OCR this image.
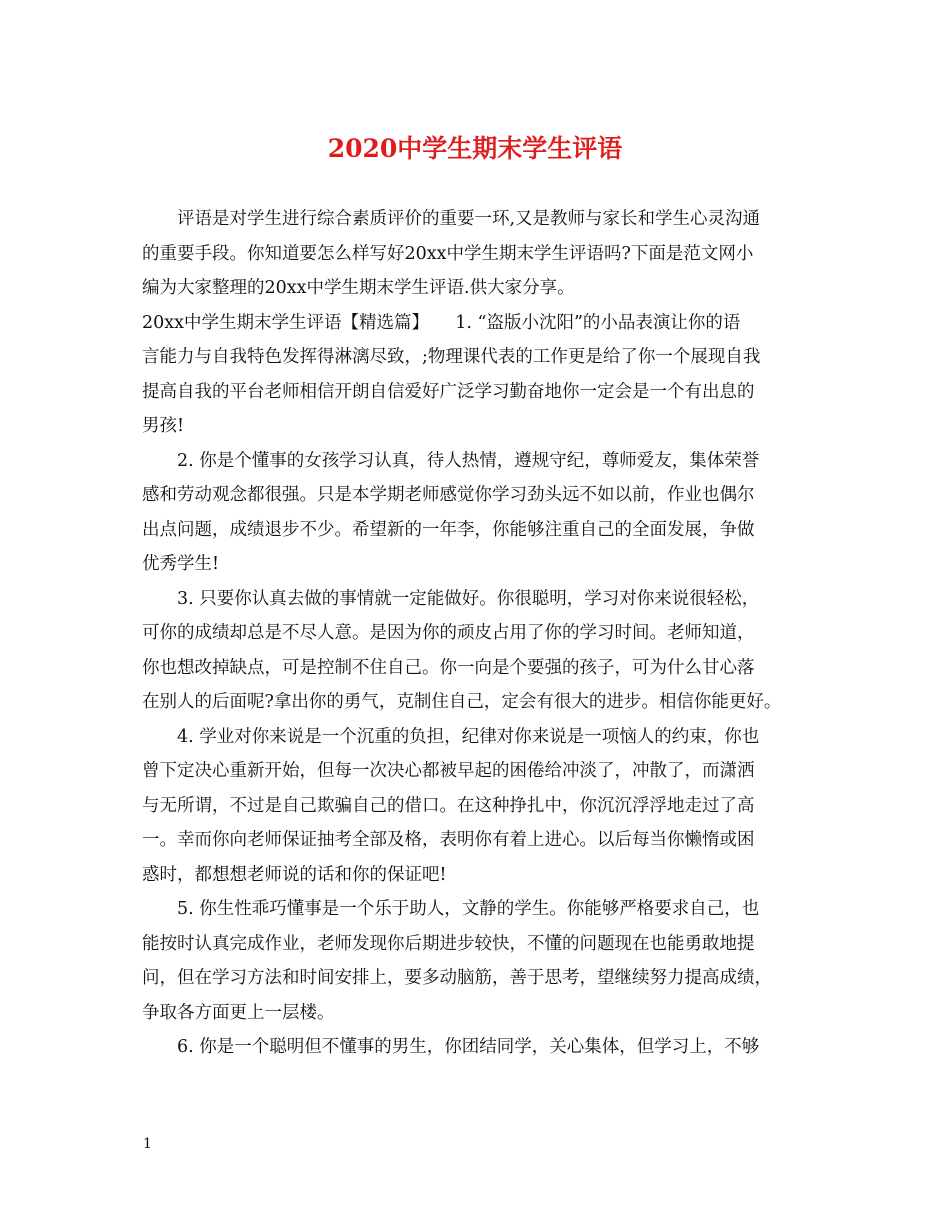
2020中学生期末学生评语
评语是对学生进行综合素质评价的重要一环,又是教师与家长和学生心灵沟通
的重要手段。你知道要怎么样写好20xx中学生期末学生评语吗?下面是范文网小
编为大家整理的20xx中学生期末学生评语.供大家分享。
20xx中学生期末学生评语【精选篇】　　1. “盗版小沈阳”的小品表演让你的语
言能力与自我特色发挥得淋漓尽致，;物理课代表的工作更是给了你一个展现自我
提高自我的平台老师相信开朗自信爱好广泛学习勤奋地你一定会是一个有出息的
男孩!
2. 你是个懂事的女孩学习认真，待人热情，遵规守纪，尊师爱友，集体荣誉
感和劳动观念都很强。只是本学期老师感觉你学习劲头远不如以前，作业也偶尔
出点问题，成绩退步不少。希望新的一年李，你能够注重自己的全面发展，争做
优秀学生!
3. 只要你认真去做的事情就一定能做好。你很聪明，学习对你来说很轻松，
可你的成绩却总是不尽人意。是因为你的顽皮占用了你的学习时间。老师知道，
你也想改掉缺点，可是控制不住自己。你一向是个要强的孩子，可为什么甘心落
在别人的后面呢?拿出你的勇气，克制住自己，定会有很大的进步。相信你能更好。
4. 学业对你来说是一个沉重的负担，纪律对你来说是一项恼人的约束，你也
曾下定决心重新开始，但每一次决心都被早起的困倦给冲淡了，冲散了，而潇洒
与无所谓，不过是自己欺骗自己的借口。在这种挣扎中，你沉沉浮浮地走过了高
一。幸而你向老师保证抽考全部及格，表明你有着上进心。以后每当你懒惰或困
惑时，都想想老师说的话和你的保证吧!
5. 你生性乖巧懂事是一个乐于助人，文静的学生。你能够严格要求自己，也
能按时认真完成作业，老师发现你后期进步较快，不懂的问题现在也能勇敢地提
问，但在学习方法和时间安排上，要多动脑筋，善于思考，望继续努力提高成绩，
争取各方面更上一层楼。
6. 你是一个聪明但不懂事的男生，你团结同学，关心集体，但学习上，不够
1
